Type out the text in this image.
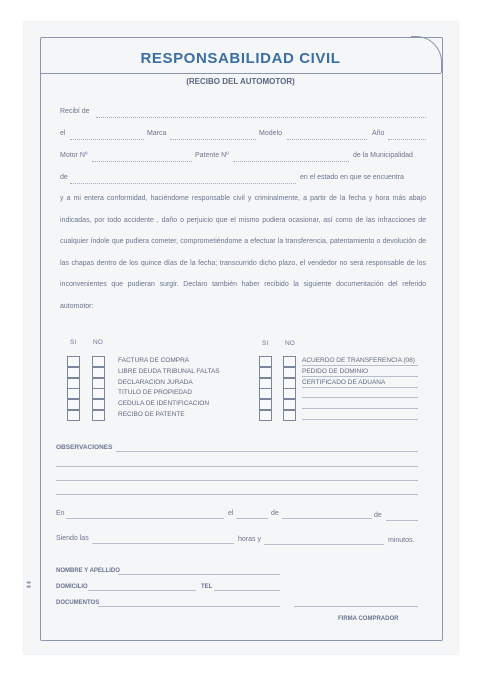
RESPONSABILIDAD CIVIL
(RECIBO DEL AUTOMOTOR)
Recibí de
el	Marca	Modelo	Año
Motor Nº	Patente Nº	de la Municipalidad
de	en el estado en que se encuentra
y a mi entera conformidad, haciéndome responsable civil y criminalmente, a partir de la fecha y hora más abajo indicadas, por todo accidente , daño o perjuicio que el mismo pudiera ocasionar, así como de las infracciones de cualquier índole que pudiera cometer, comprometiéndome a efectuar la transferencia, patentamiento o devolución de las chapas dentro de los quince días de la fecha; transcurrido dicho plazo, el vendedor no será responsable de los inconvenientes que pudieran surgir. Declaro también haber recibido la siguiente documentación del referido automotor:
SI	NO	SI	NO
FACTURA DE COMPRA
LIBRE DEUDA TRIBUNAL FALTAS
DECLARACION JURADA
TITULO DE PROPIEDAD
CEDULA DE IDENTIFICACION
RECIBO DE PATENTE
ACUERDO DE TRANSFERENCIA (08)
PEDIDO DE DOMINIO
CERTIFICADO DE ADUANA
OBSERVACIONES
En	el	de	de
Siendo las	horas y	minutos.
NOMBRE Y APELLIDO
DOMICILIO	TEL
DOCUMENTOS
FIRMA COMPRADOR
▮ ▮
